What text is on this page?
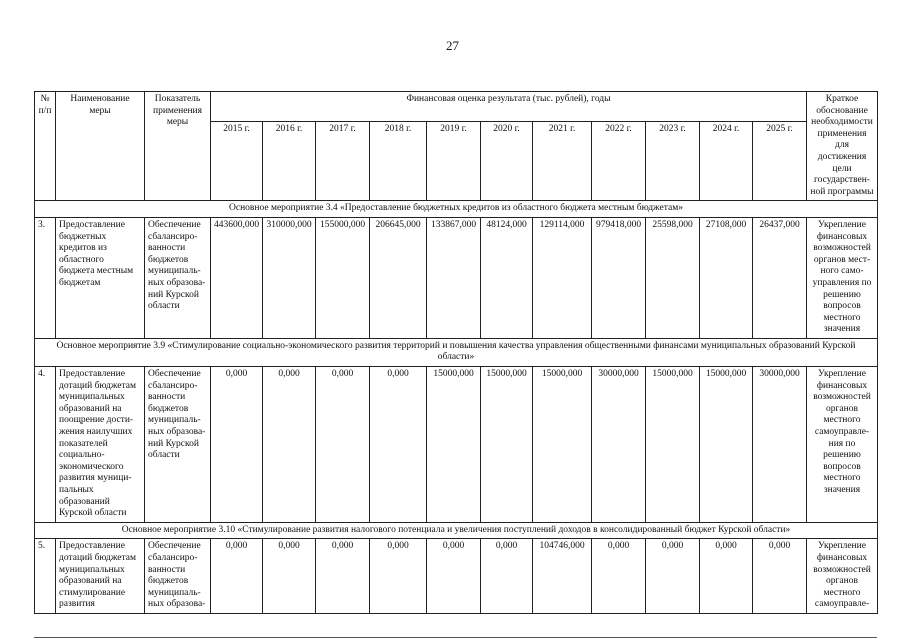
27
№ п/п	Наименование меры	Показатель применения меры	Финансовая оценка результата (тыс. рублей), годы											Краткое обоснование необходимости применения для достижения цели государствен-ной программы
			2015 г.	2016 г.	2017 г.	2018 г.	2019 г.	2020 г.	2021 г.	2022 г.	2023 г.	2024 г.	2025 г.	
Основное мероприятие 3.4 «Предоставление бюджетных кредитов из областного бюджета местным бюджетам»														
3.	Предоставление бюджетных кредитов из областного бюджета местным бюджетам	Обеспечение сбалансиро-ванности бюджетов муниципаль-ных образова-ний Курской области	443600,000	310000,000	155000,000	206645,000	133867,000	48124,000	129114,000	979418,000	25598,000	27108,000	26437,000	Укрепление финансовых возможностей органов мест-ного само-управления по решению вопросов местного значения
Основное мероприятие 3.9 «Стимулирование социально-экономического развития территорий и повышения качества управления общественными финансами муниципальных образований Курской области»														
4.	Предоставление дотаций бюджетам муниципальных образований на поощрение дости-жения наилучших показателей социально-экономического развития муници-пальных образований Курской области	Обеспечение сбалансиро-ванности бюджетов муниципаль-ных образова-ний Курской области	0,000	0,000	0,000	0,000	15000,000	15000,000	15000,000	30000,000	15000,000	15000,000	30000,000	Укрепление финансовых возможностей органов местного самоуправле-ния по решению вопросов местного значения
Основное мероприятие 3.10 «Стимулирование развития налогового потенциала и увеличения поступлений доходов в консолидированный бюджет Курской области»														
5.	Предоставление дотаций бюджетам муниципальных образований на стимулирование развития	Обеспечение сбалансиро-ванности бюджетов муниципаль-ных образова-	0,000	0,000	0,000	0,000	0,000	0,000	104746,000	0,000	0,000	0,000	0,000	Укрепление финансовых возможностей органов местного самоуправле-
